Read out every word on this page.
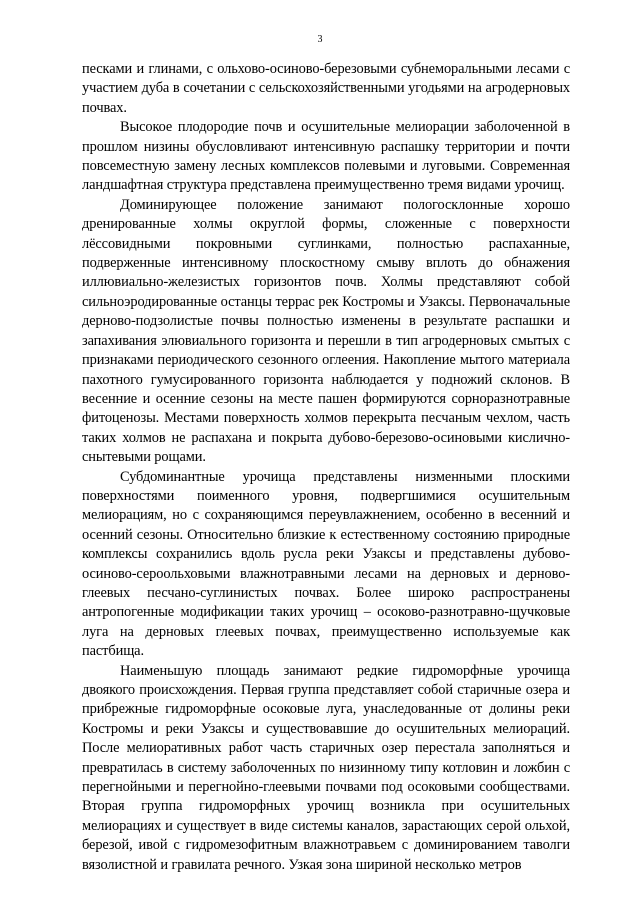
3

песками и глинами, с ольхово-осиново-березовыми субнеморальными лесами с участием дуба в сочетании с сельскохозяйственными угодьями на агродерновых почвах.

Высокое плодородие почв и осушительные мелиорации заболоченной в прошлом низины обусловливают интенсивную распашку территории и почти повсеместную замену лесных комплексов полевыми и луговыми. Современная ландшафтная структура представлена преимущественно тремя видами урочищ.

Доминирующее положение занимают пологосклонные хорошо дренированные холмы округлой формы, сложенные с поверхности лёссовидными покровными суглинками, полностью распаханные, подверженные интенсивному плоскостному смыву вплоть до обнажения иллювиально-железистых горизонтов почв. Холмы представляют собой сильноэродированные останцы террас рек Костромы и Узаксы. Первоначальные дерново-подзолистые почвы полностью изменены в результате распашки и запахивания элювиального горизонта и перешли в тип агродерновых смытых с признаками периодического сезонного оглеения. Накопление мытого материала пахотного гумусированного горизонта наблюдается у подножий склонов. В весенние и осенние сезоны на месте пашен формируются сорноразнотравные фитоценозы. Местами поверхность холмов перекрыта песчаным чехлом, часть таких холмов не распахана и покрыта дубово-березово-осиновыми кислично-снытевыми рощами.

Субдоминантные урочища представлены низменными плоскими поверхностями поименного уровня, подвергшимися осушительным мелиорациям, но с сохраняющимся переувлажнением, особенно в весенний и осенний сезоны. Относительно близкие к естественному состоянию природные комплексы сохранились вдоль русла реки Узаксы и представлены дубово-осиново-сероольховыми влажнотравными лесами на дерновых и дерново-глеевых песчано-суглинистых почвах. Более широко распространены антропогенные модификации таких урочищ – осоково-разнотравно-щучковые луга на дерновых глеевых почвах, преимущественно используемые как пастбища.

Наименьшую площадь занимают редкие гидроморфные урочища двоякого происхождения. Первая группа представляет собой старичные озера и прибрежные гидроморфные осоковые луга, унаследованные от долины реки Костромы и реки Узаксы и существовавшие до осушительных мелиораций. После мелиоративных работ часть старичных озер перестала заполняться и превратилась в систему заболоченных по низинному типу котловин и ложбин с перегнойными и перегнойно-глеевыми почвами под осоковыми сообществами. Вторая группа гидроморфных урочищ возникла при осушительных мелиорациях и существует в виде системы каналов, зарастающих серой ольхой, березой, ивой с гидромезофитным влажнотравьем с доминированием таволги вязолистной и гравилата речного. Узкая зона шириной несколько метров
